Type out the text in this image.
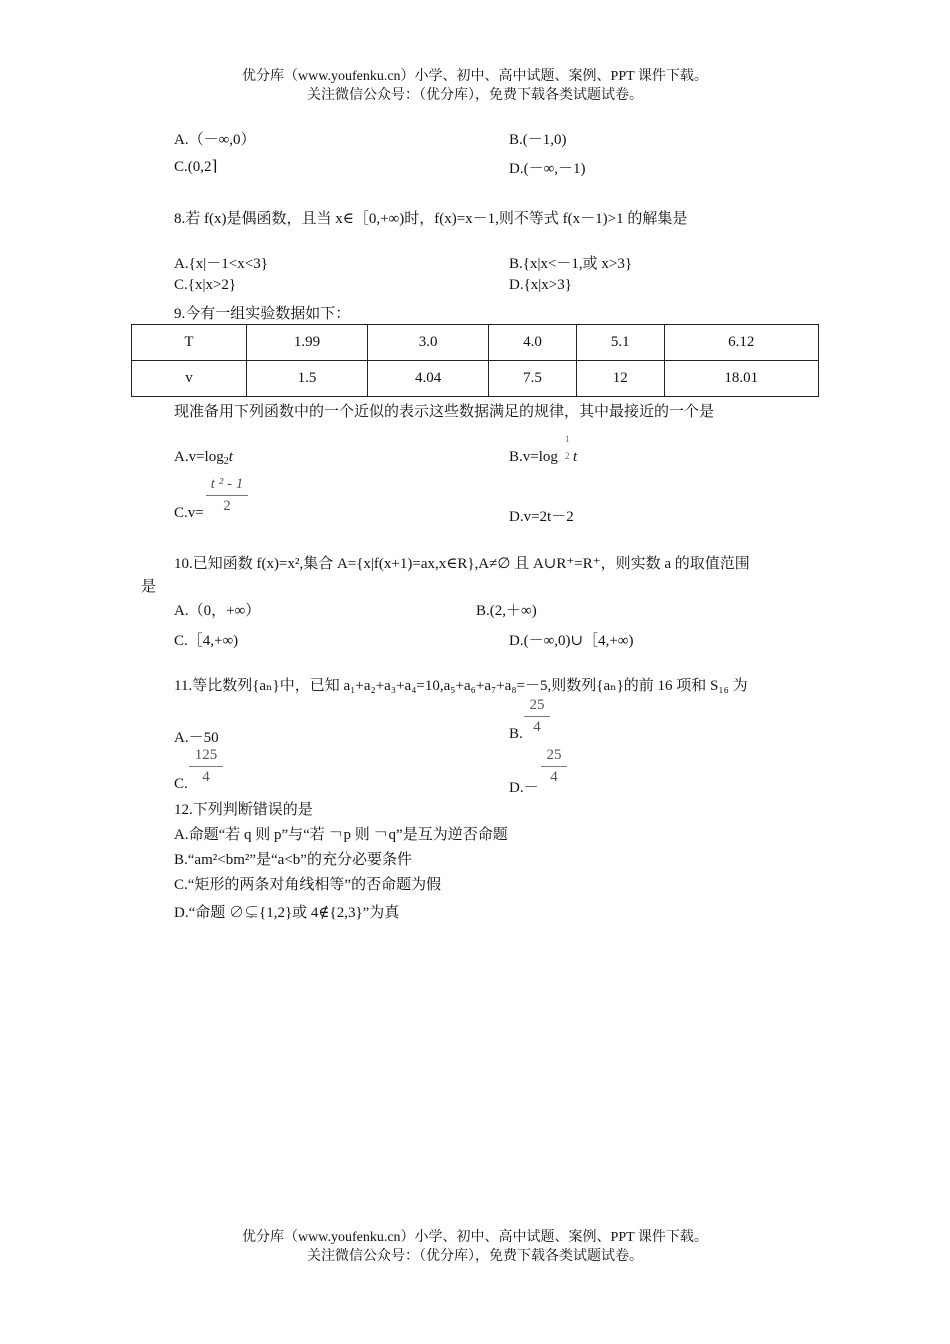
优分库（www.youfenku.cn）小学、初中、高中试题、案例、PPT 课件下载。
关注微信公众号：（优分库），免费下载各类试题试卷。
A.（－∞,0）	B.(－1,0)
C.(0,2⌉	D.(－∞,－1)
8.若 f(x)是偶函数，且当 x∈［0,+∞)时，f(x)=x－1,则不等式 f(x－1)>1 的解集是
A.{x|－1<x<3}	B.{x|x<－1,或 x>3}
C.{x|x>2}	D.{x|x>3}
9.今有一组实验数据如下：
T	1.99	3.0	4.0	5.1	6.12
v	1.5	4.04	7.5	12	18.01
现准备用下列函数中的一个近似的表示这些数据满足的规律，其中最接近的一个是
$A.v=\log_2t$	B.v=log
1
2 t
C.v=
t ² - 1
2
D.v=2t－2
10.已知函数 f(x)=x²,集合 A={x|f(x+1)=ax,x∈R},A≠∅ 且 A∪R⁺=R⁺，则实数 a 的取值范围
是
A.（0，+∞）	B.(2,＋∞)
C.［4,+∞)	D.(－∞,0)∪［4,+∞)
11.等比数列{aₙ}中，已知 a₁+a₂+a₃+a₄=10,a₅+a₆+a₇+a₈=－5,则数列{aₙ}的前 16 项和 S₁₆ 为
A.－50	B.
25
4
C.
125
4
D.－
25
4
12.下列判断错误的是
A.命题“若 q 则 p”与“若 ￢p 则 ￢q”是互为逆否命题
B.“am²<bm²”是“a<b”的充分必要条件
C.“矩形的两条对角线相等”的否命题为假
D.“命题 ∅⊊{1,2}或 4∉{2,3}”为真
优分库（www.youfenku.cn）小学、初中、高中试题、案例、PPT 课件下载。
关注微信公众号：（优分库），免费下载各类试题试卷。
